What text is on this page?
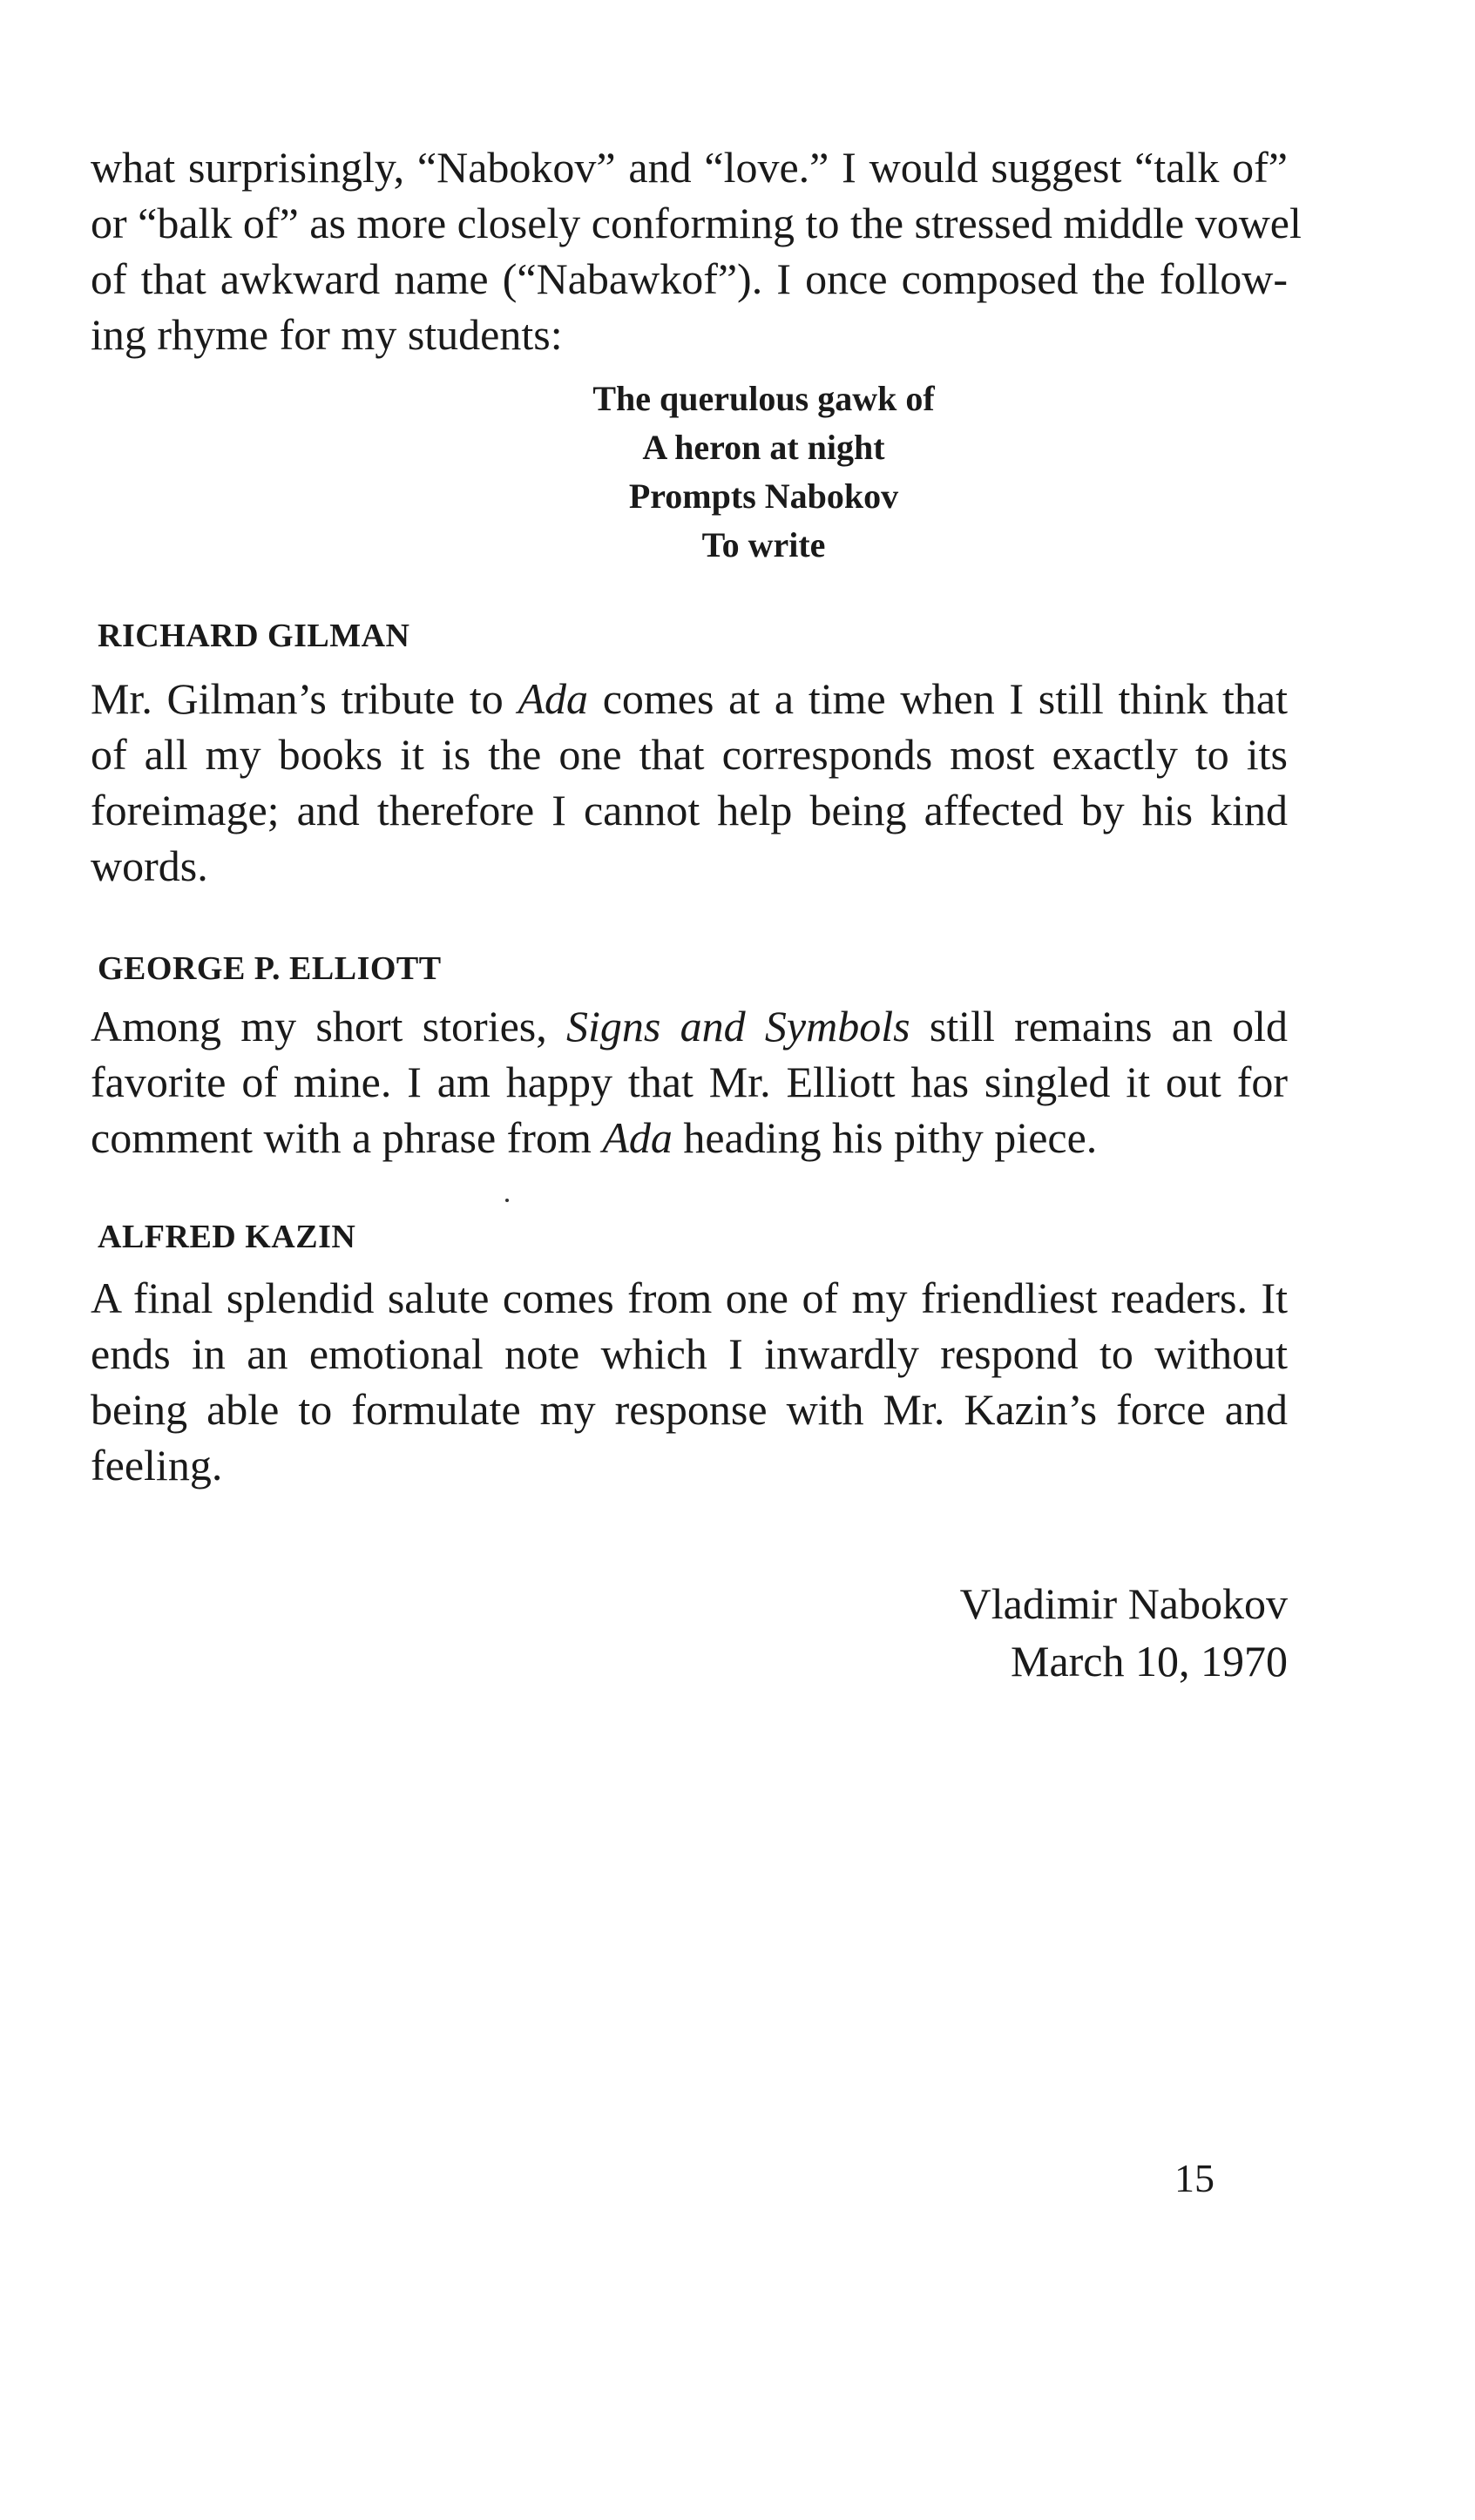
what surprisingly, “Nabokov” and “love.” I would suggest “talk of”
or “balk of” as more closely conforming to the stressed middle vowel
of that awkward name (“Nabawkof”). I once composed the follow-
ing rhyme for my students:
The querulous gawk of
A heron at night
Prompts Nabokov
To write
RICHARD GILMAN
Mr. Gilman’s tribute to Ada comes at a time when I still think that
of all my books it is the one that corresponds most exactly to its
foreimage; and therefore I cannot help being affected by his kind
words.
GEORGE P. ELLIOTT
Among my short stories, Signs and Symbols still remains an old
favorite of mine. I am happy that Mr. Elliott has singled it out for
comment with a phrase from Ada heading his pithy piece.
ALFRED KAZIN
A final splendid salute comes from one of my friendliest readers. It
ends in an emotional note which I inwardly respond to without
being able to formulate my response with Mr. Kazin’s force and
feeling.
Vladimir Nabokov
March 10, 1970
15
